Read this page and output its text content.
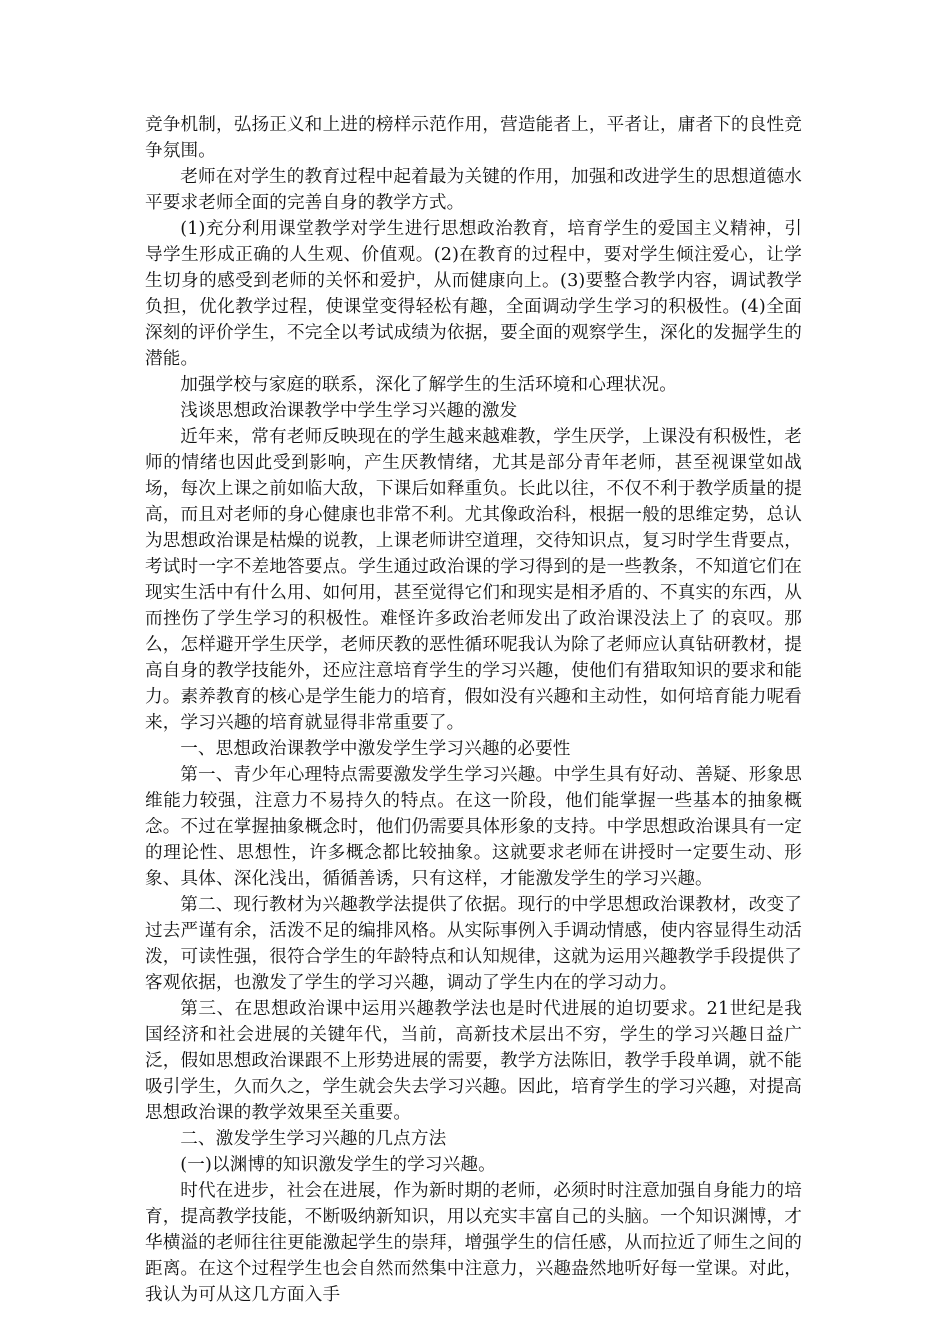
竞争机制，弘扬正义和上进的榜样示范作用，营造能者上，平者让，庸者下的良性竞争氛围。

老师在对学生的教育过程中起着最为关键的作用，加强和改进学生的思想道德水平要求老师全面的完善自身的教学方式。

(1)充分利用课堂教学对学生进行思想政治教育，培育学生的爱国主义精神，引导学生形成正确的人生观、价值观。(2)在教育的过程中，要对学生倾注爱心，让学生切身的感受到老师的关怀和爱护，从而健康向上。(3)要整合教学内容，调试教学负担，优化教学过程，使课堂变得轻松有趣，全面调动学生学习的积极性。(4)全面深刻的评价学生，不完全以考试成绩为依据，要全面的观察学生，深化的发掘学生的潜能。

加强学校与家庭的联系，深化了解学生的生活环境和心理状况。

浅谈思想政治课教学中学生学习兴趣的激发

近年来，常有老师反映现在的学生越来越难教，学生厌学，上课没有积极性，老师的情绪也因此受到影响，产生厌教情绪，尤其是部分青年老师，甚至视课堂如战场，每次上课之前如临大敌，下课后如释重负。长此以往，不仅不利于教学质量的提高，而且对老师的身心健康也非常不利。尤其像政治科，根据一般的思维定势，总认为思想政治课是枯燥的说教，上课老师讲空道理，交待知识点，复习时学生背要点，考试时一字不差地答要点。学生通过政治课的学习得到的是一些教条，不知道它们在现实生活中有什么用、如何用，甚至觉得它们和现实是相矛盾的、不真实的东西，从而挫伤了学生学习的积极性。难怪许多政治老师发出了政治课没法上了 的哀叹。那么，怎样避开学生厌学，老师厌教的恶性循环呢我认为除了老师应认真钻研教材，提高自身的教学技能外，还应注意培育学生的学习兴趣，使他们有猎取知识的要求和能力。素养教育的核心是学生能力的培育，假如没有兴趣和主动性，如何培育能力呢看来，学习兴趣的培育就显得非常重要了。

一、思想政治课教学中激发学生学习兴趣的必要性

第一、青少年心理特点需要激发学生学习兴趣。中学生具有好动、善疑、形象思维能力较强，注意力不易持久的特点。在这一阶段，他们能掌握一些基本的抽象概念。不过在掌握抽象概念时，他们仍需要具体形象的支持。中学思想政治课具有一定的理论性、思想性，许多概念都比较抽象。这就要求老师在讲授时一定要生动、形象、具体、深化浅出，循循善诱，只有这样，才能激发学生的学习兴趣。

第二、现行教材为兴趣教学法提供了依据。现行的中学思想政治课教材，改变了过去严谨有余，活泼不足的编排风格。从实际事例入手调动情感，使内容显得生动活泼，可读性强，很符合学生的年龄特点和认知规律，这就为运用兴趣教学手段提供了客观依据，也激发了学生的学习兴趣，调动了学生内在的学习动力。

第三、在思想政治课中运用兴趣教学法也是时代进展的迫切要求。21世纪是我国经济和社会进展的关键年代，当前，高新技术层出不穷，学生的学习兴趣日益广泛，假如思想政治课跟不上形势进展的需要，教学方法陈旧，教学手段单调，就不能吸引学生，久而久之，学生就会失去学习兴趣。因此，培育学生的学习兴趣，对提高思想政治课的教学效果至关重要。

二、激发学生学习兴趣的几点方法

(一)以渊博的知识激发学生的学习兴趣。

时代在进步，社会在进展，作为新时期的老师，必须时时注意加强自身能力的培育，提高教学技能，不断吸纳新知识，用以充实丰富自己的头脑。一个知识渊博，才华横溢的老师往往更能激起学生的崇拜，增强学生的信任感，从而拉近了师生之间的距离。在这个过程学生也会自然而然集中注意力，兴趣盎然地听好每一堂课。对此，我认为可从这几方面入手
